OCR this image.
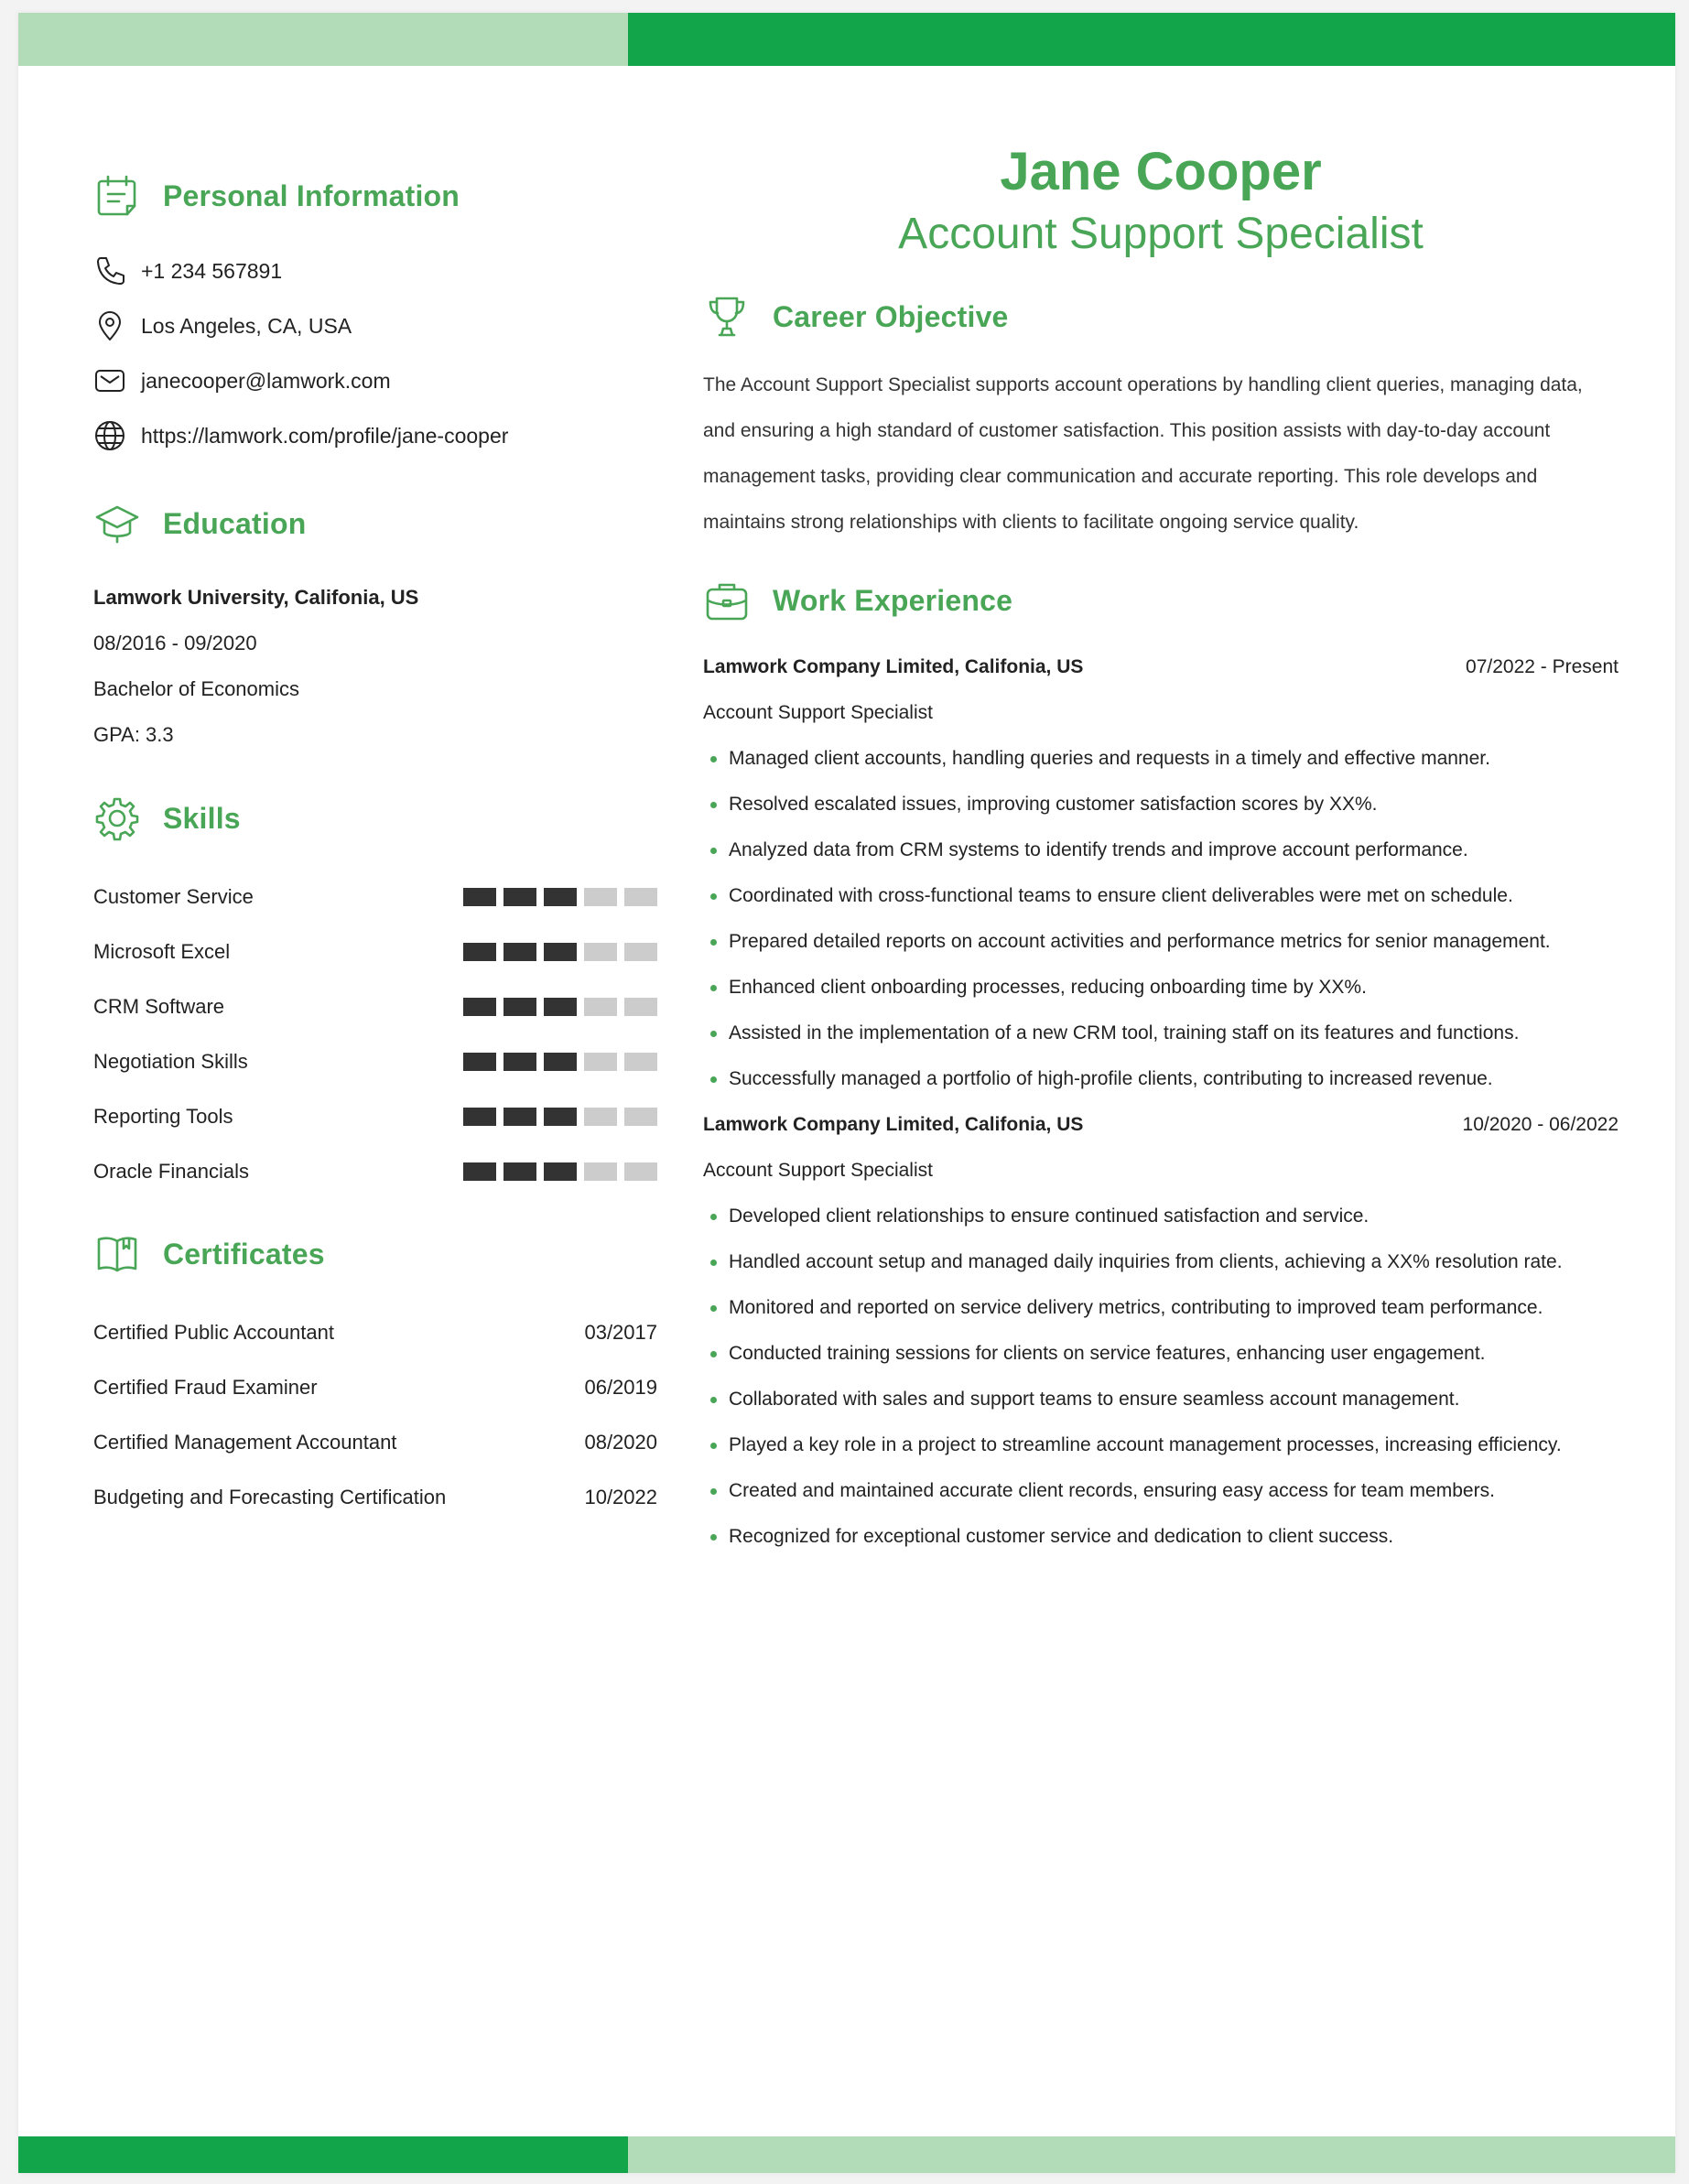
Personal Information
+1 234 567891
Los Angeles, CA, USA
janecooper@lamwork.com
https://lamwork.com/profile/jane-cooper
Education
Lamwork University, Califonia, US
08/2016 - 09/2020
Bachelor of Economics
GPA: 3.3
Skills
Customer Service
Microsoft Excel
CRM Software
Negotiation Skills
Reporting Tools
Oracle Financials
Certificates
Certified Public Accountant	03/2017
Certified Fraud Examiner	06/2019
Certified Management Accountant	08/2020
Budgeting and Forecasting Certification	10/2022
Jane Cooper
Account Support Specialist
Career Objective
The Account Support Specialist supports account operations by handling client queries, managing data, and ensuring a high standard of customer satisfaction. This position assists with day-to-day account management tasks, providing clear communication and accurate reporting. This role develops and maintains strong relationships with clients to facilitate ongoing service quality.
Work Experience
Lamwork Company Limited, Califonia, US	07/2022 - Present
Account Support Specialist
Managed client accounts, handling queries and requests in a timely and effective manner.
Resolved escalated issues, improving customer satisfaction scores by XX%.
Analyzed data from CRM systems to identify trends and improve account performance.
Coordinated with cross-functional teams to ensure client deliverables were met on schedule.
Prepared detailed reports on account activities and performance metrics for senior management.
Enhanced client onboarding processes, reducing onboarding time by XX%.
Assisted in the implementation of a new CRM tool, training staff on its features and functions.
Successfully managed a portfolio of high-profile clients, contributing to increased revenue.
Lamwork Company Limited, Califonia, US	10/2020 - 06/2022
Account Support Specialist
Developed client relationships to ensure continued satisfaction and service.
Handled account setup and managed daily inquiries from clients, achieving a XX% resolution rate.
Monitored and reported on service delivery metrics, contributing to improved team performance.
Conducted training sessions for clients on service features, enhancing user engagement.
Collaborated with sales and support teams to ensure seamless account management.
Played a key role in a project to streamline account management processes, increasing efficiency.
Created and maintained accurate client records, ensuring easy access for team members.
Recognized for exceptional customer service and dedication to client success.
